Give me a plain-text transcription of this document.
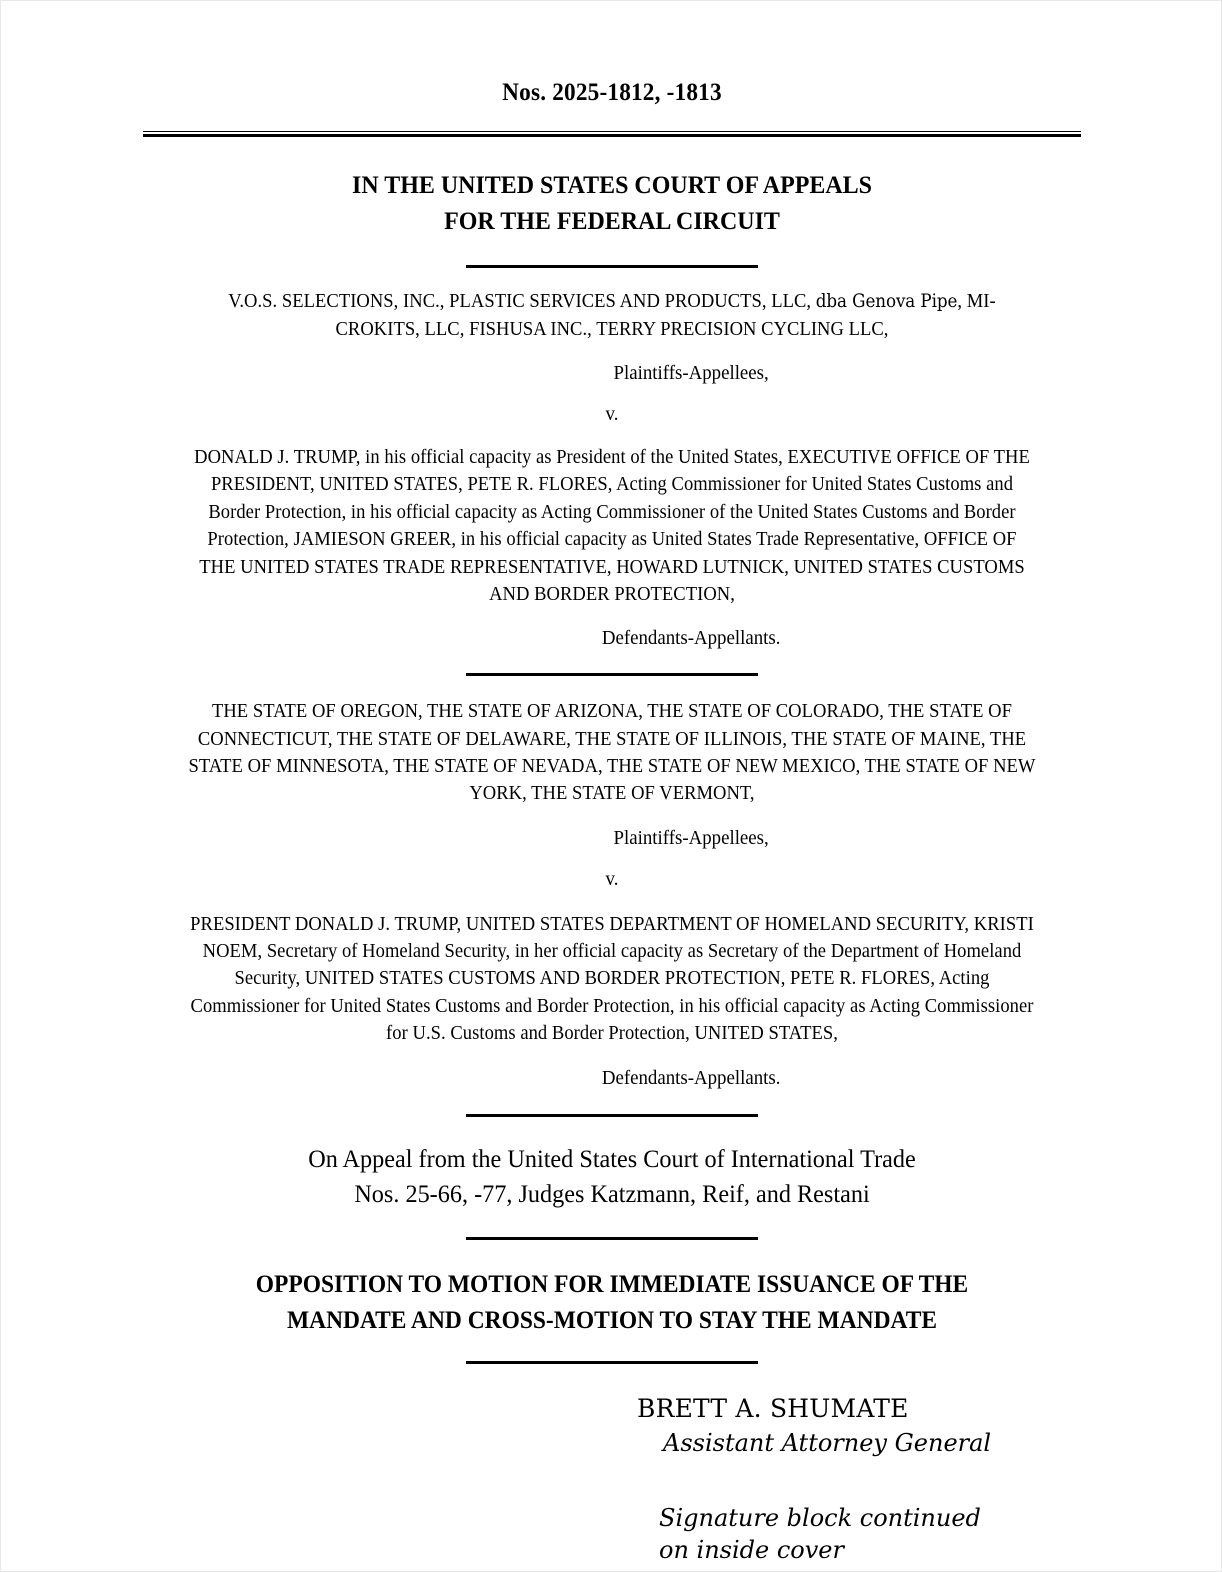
Nos. 2025-1812, -1813
IN THE UNITED STATES COURT OF APPEALS
FOR THE FEDERAL CIRCUIT
V.O.S. SELECTIONS, INC., PLASTIC SERVICES AND PRODUCTS, LLC, dba Genova Pipe, MI-CROKITS, LLC, FISHUSA INC., TERRY PRECISION CYCLING LLC,
Plaintiffs-Appellees,
v.
DONALD J. TRUMP, in his official capacity as President of the United States, EXECUTIVE OFFICE OF THE PRESIDENT, UNITED STATES, PETE R. FLORES, Acting Commissioner for United States Customs and Border Protection, in his official capacity as Acting Commissioner of the United States Customs and Border Protection, JAMIESON GREER, in his official capacity as United States Trade Representative, OFFICE OF THE UNITED STATES TRADE REPRESENTATIVE, HOWARD LUTNICK, UNITED STATES CUSTOMS AND BORDER PROTECTION,
Defendants-Appellants.
THE STATE OF OREGON, THE STATE OF ARIZONA, THE STATE OF COLORADO, THE STATE OF CONNECTICUT, THE STATE OF DELAWARE, THE STATE OF ILLINOIS, THE STATE OF MAINE, THE STATE OF MINNESOTA, THE STATE OF NEVADA, THE STATE OF NEW MEXICO, THE STATE OF NEW YORK, THE STATE OF VERMONT,
Plaintiffs-Appellees,
v.
PRESIDENT DONALD J. TRUMP, UNITED STATES DEPARTMENT OF HOMELAND SECURITY, KRISTI NOEM, Secretary of Homeland Security, in her official capacity as Secretary of the Department of Homeland Security, UNITED STATES CUSTOMS AND BORDER PROTECTION, PETE R. FLORES, Acting Commissioner for United States Customs and Border Protection, in his official capacity as Acting Commissioner for U.S. Customs and Border Protection, UNITED STATES,
Defendants-Appellants.
On Appeal from the United States Court of International Trade
Nos. 25-66, -77, Judges Katzmann, Reif, and Restani
OPPOSITION TO MOTION FOR IMMEDIATE ISSUANCE OF THE
MANDATE AND CROSS-MOTION TO STAY THE MANDATE
BRETT A. SHUMATE
Assistant Attorney General
Signature block continued
on inside cover
